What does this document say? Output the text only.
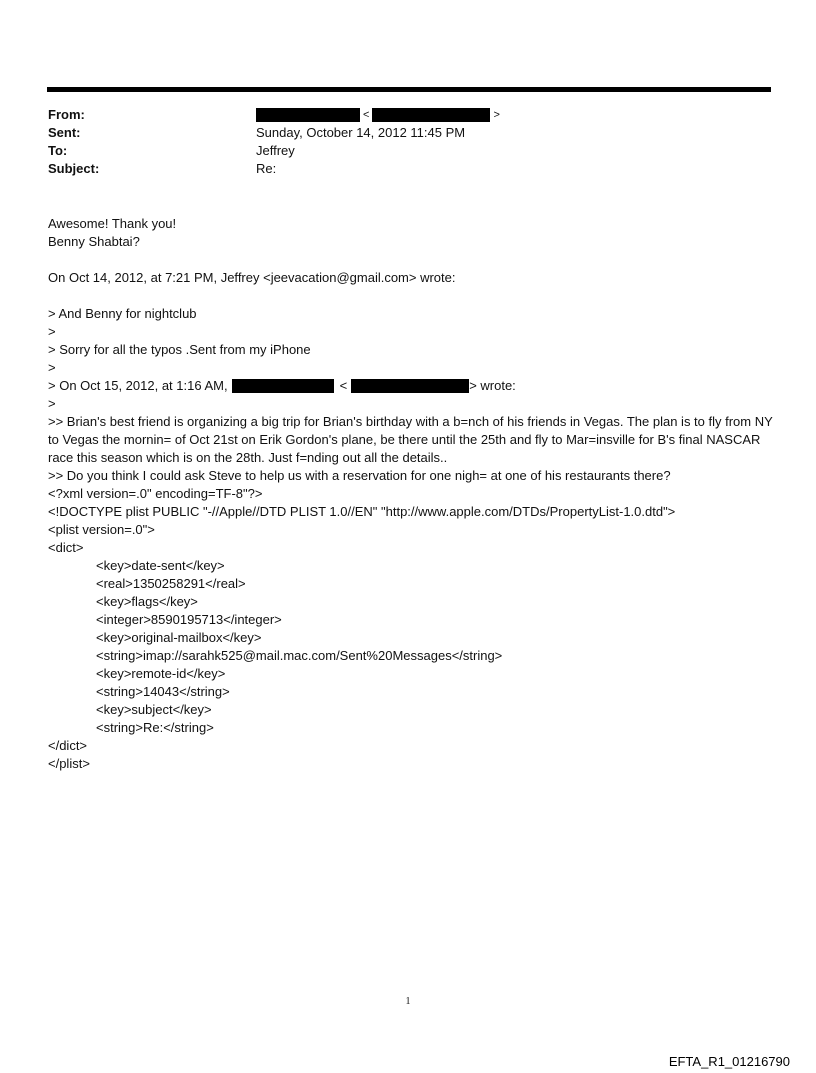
From:	<	>
Sent:	Sunday, October 14, 2012 11:45 PM
To:	Jeffrey
Subject:	Re:
Awesome! Thank you!
Benny Shabtai?
On Oct 14, 2012, at 7:21 PM, Jeffrey <jeevacation@gmail.com> wrote:
> And Benny for nightclub
>
> Sorry for all the typos .Sent from my iPhone
>
> On Oct 15, 2012, at 1:16 AM,	<	> wrote:
>
>> Brian's best friend is organizing a big trip for Brian's birthday with a b=nch of his friends in Vegas. The plan is to fly from NY to Vegas the mornin= of Oct 21st on Erik Gordon's plane, be there until the 25th and fly to Mar=insville for B's final NASCAR race this season which is on the 28th. Just f=nding out all the details..
>> Do you think I could ask Steve to help us with a reservation for one nigh= at one of his restaurants there?
<?xml version=.0" encoding=TF-8"?>
<!DOCTYPE plist PUBLIC "-//Apple//DTD PLIST 1.0//EN" "http://www.apple.com/DTDs/PropertyList-1.0.dtd">
<plist version=.0">
<dict>
<key>date-sent</key>
<real>1350258291</real>
<key>flags</key>
<integer>8590195713</integer>
<key>original-mailbox</key>
<string>imap://sarahk525@mail.mac.com/Sent%20Messages</string>
<key>remote-id</key>
<string>14043</string>
<key>subject</key>
<string>Re:</string>
</dict>
</plist>
1
EFTA_R1_01216790
